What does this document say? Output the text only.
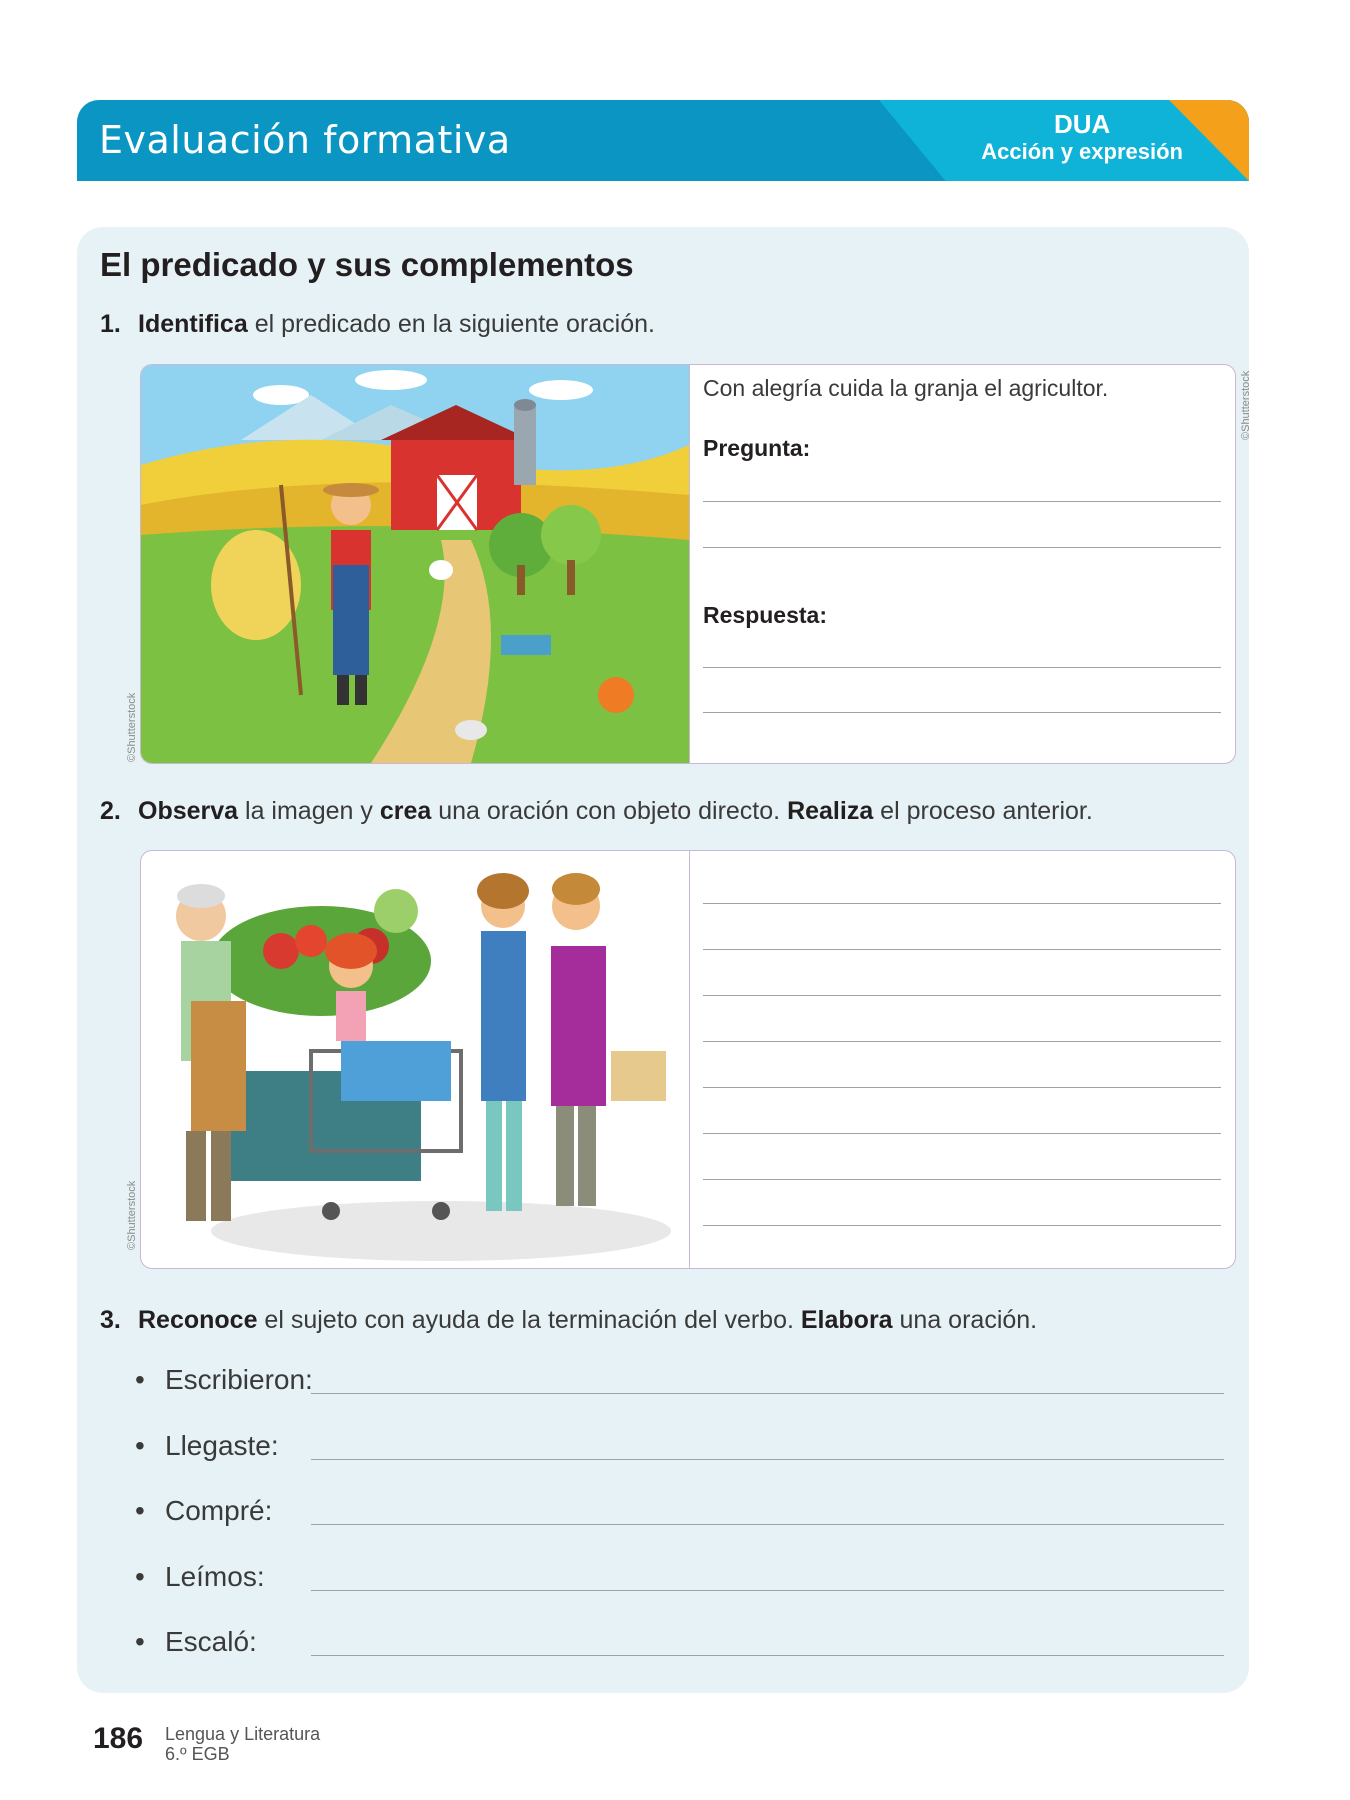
Evaluación formativa	DUA
Acción y expresión
El predicado y sus complementos
1. Identifica el predicado en la siguiente oración.
Con alegría cuida la granja el agricultor.
Pregunta:
Respuesta:
©Shutterstock
©Shutterstock
2. Observa la imagen y crea una oración con objeto directo. Realiza el proceso anterior.
©Shutterstock
3. Reconoce el sujeto con ayuda de la terminación del verbo. Elabora una oración.
• Escribieron:
• Llegaste:
• Compré:
• Leímos:
• Escaló:
186 Lengua y Literatura
6.º EGB
